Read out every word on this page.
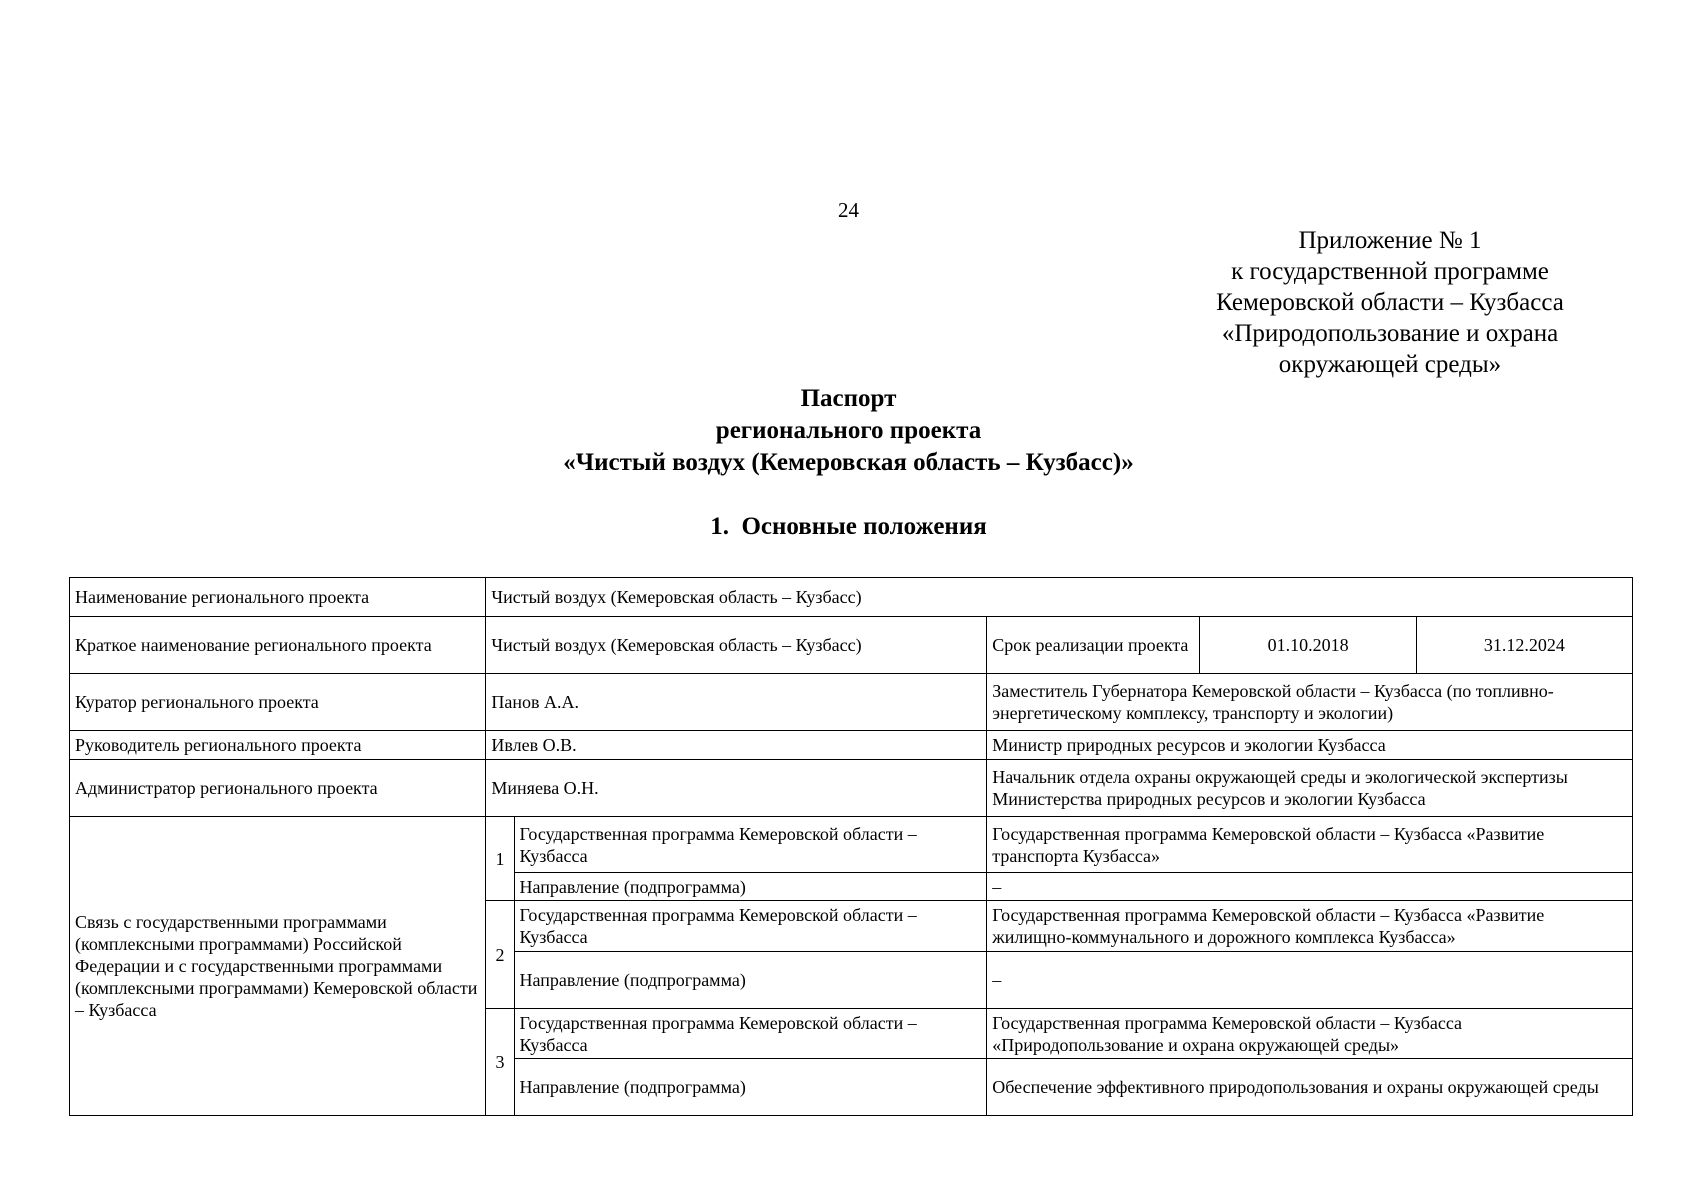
24
Приложение № 1
к государственной программе
Кемеровской области – Кузбасса
«Природопользование и охрана
окружающей среды»
Паспорт
регионального проекта
«Чистый воздух (Кемеровская область – Кузбасс)»
1. Основные положения
Наименование регионального проекта	Чистый воздух (Кемеровская область – Кузбасс)				
Краткое наименование регионального проекта	Чистый воздух (Кемеровская область – Кузбасс)		Срок реализации проекта	01.10.2018	31.12.2024
Куратор регионального проекта	Панов А.А.		Заместитель Губернатора Кемеровской области – Кузбасса (по топливно-энергетическому комплексу, транспорту и экологии)		
Руководитель регионального проекта	Ивлев О.В.		Министр природных ресурсов и экологии Кузбасса		
Администратор регионального проекта	Миняева О.Н.		Начальник отдела охраны окружающей среды и экологической экспертизы Министерства природных ресурсов и экологии Кузбасса		
Связь с государственными программами (комплексными программами) Российской Федерации и с государственными программами (комплексными программами) Кемеровской области – Кузбасса	1	Государственная программа Кемеровской области – Кузбасса	Государственная программа Кемеровской области – Кузбасса «Развитие транспорта Кузбасса»		
		Направление (подпрограмма)	–		
	2	Государственная программа Кемеровской области – Кузбасса	Государственная программа Кемеровской области – Кузбасса «Развитие жилищно-коммунального и дорожного комплекса Кузбасса»		
		Направление (подпрограмма)	–		
	3	Государственная программа Кемеровской области – Кузбасса	Государственная программа Кемеровской области – Кузбасса «Природопользование и охрана окружающей среды»		
		Направление (подпрограмма)	Обеспечение эффективного природопользования и охраны окружающей среды		
